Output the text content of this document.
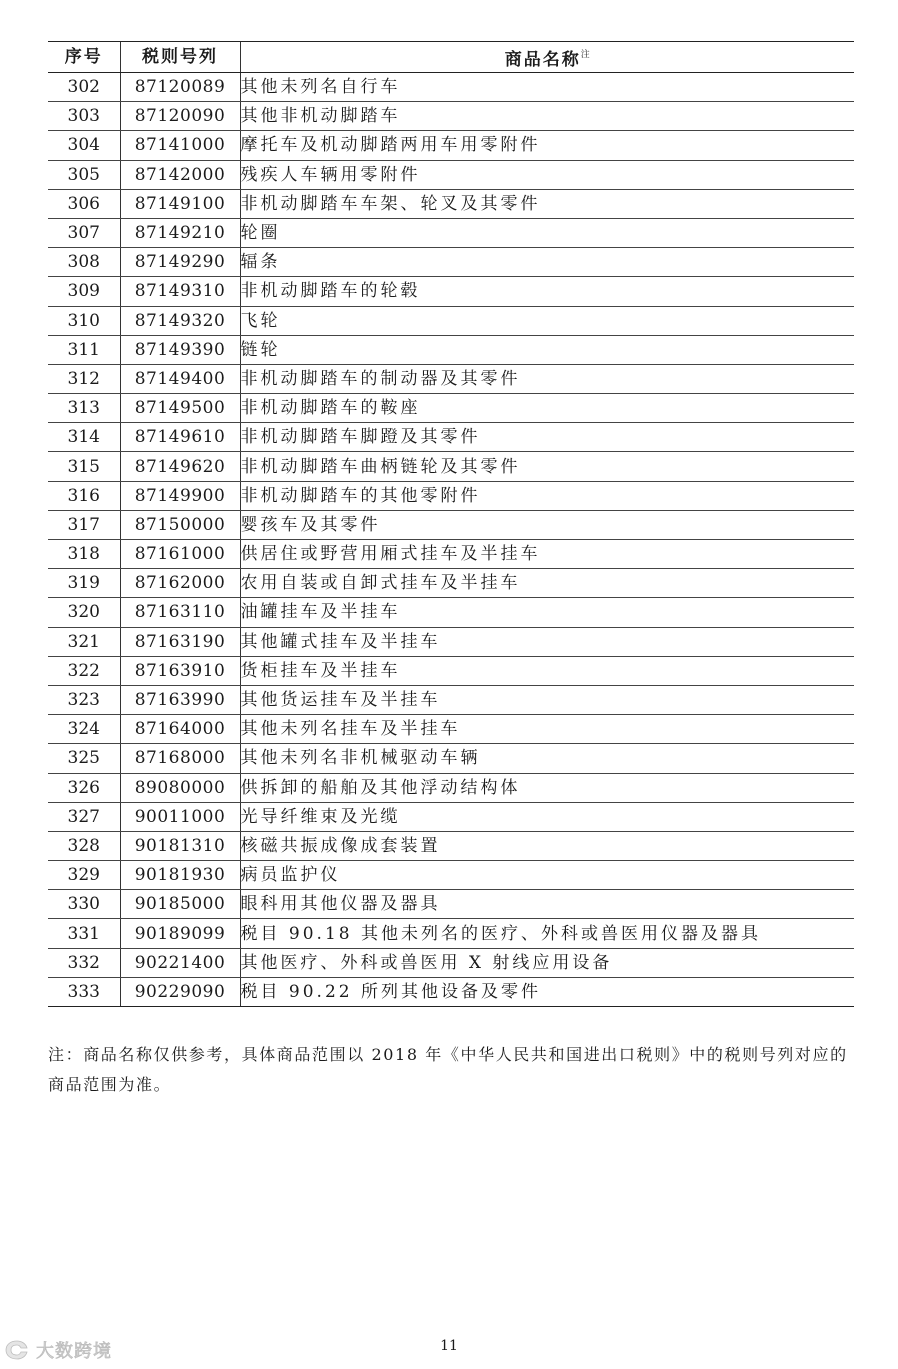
序号	税则号列	商品名称$^注$
302	87120089	其他未列名自行车
303	87120090	其他非机动脚踏车
304	87141000	摩托车及机动脚踏两用车用零附件
305	87142000	残疾人车辆用零附件
306	87149100	非机动脚踏车车架、轮叉及其零件
307	87149210	轮圈
308	87149290	辐条
309	87149310	非机动脚踏车的轮毂
310	87149320	飞轮
311	87149390	链轮
312	87149400	非机动脚踏车的制动器及其零件
313	87149500	非机动脚踏车的鞍座
314	87149610	非机动脚踏车脚蹬及其零件
315	87149620	非机动脚踏车曲柄链轮及其零件
316	87149900	非机动脚踏车的其他零附件
317	87150000	婴孩车及其零件
318	87161000	供居住或野营用厢式挂车及半挂车
319	87162000	农用自装或自卸式挂车及半挂车
320	87163110	油罐挂车及半挂车
321	87163190	其他罐式挂车及半挂车
322	87163910	货柜挂车及半挂车
323	87163990	其他货运挂车及半挂车
324	87164000	其他未列名挂车及半挂车
325	87168000	其他未列名非机械驱动车辆
326	89080000	供拆卸的船舶及其他浮动结构体
327	90011000	光导纤维束及光缆
328	90181310	核磁共振成像成套装置
329	90181930	病员监护仪
330	90185000	眼科用其他仪器及器具
331	90189099	税目 90.18 其他未列名的医疗、外科或兽医用仪器及器具
332	90221400	其他医疗、外科或兽医用 X 射线应用设备
333	90229090	税目 90.22 所列其他设备及零件
注：商品名称仅供参考，具体商品范围以 2018 年《中华人民共和国进出口税则》中的税则号列对应的商品范围为准。
大数跨境	11
